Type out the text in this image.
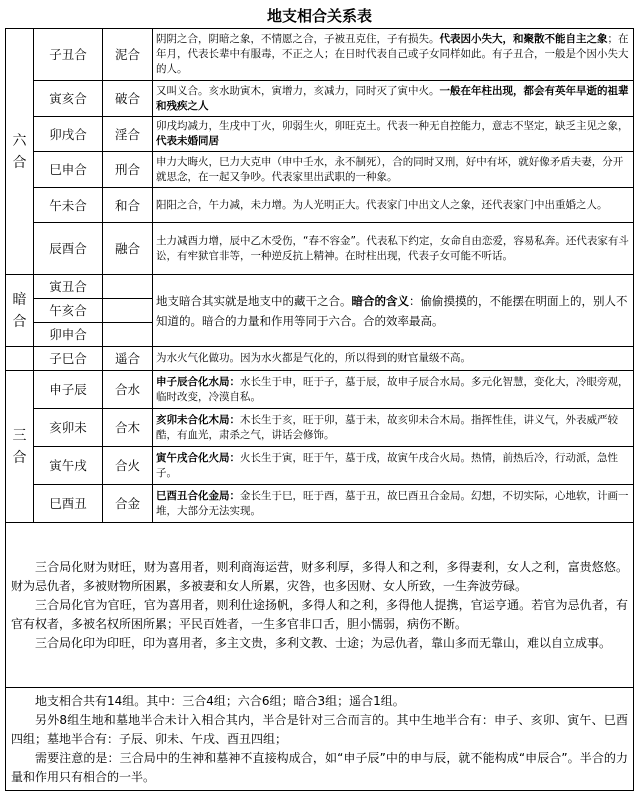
地支相合关系表
六
合	子丑合	泥合	阴阴之合，阴暗之象，不情愿之合，子被丑克住，子有损失。代表因小失大，和聚散不能自主之象；在年月，代表长辈中有服毒，不正之人；在日时代表自己或子女同样如此。有子丑合，一般是个因小失大的人。
	寅亥合	破合	又叫义合。亥水助寅木，寅增力，亥减力，同时灭了寅中火。一般在年柱出现，都会有英年早逝的祖辈和残疾之人
	卯戌合	淫合	卯戌均减力，生戌中丁火，卯弱生火，卯旺克土。代表一种无自控能力，意志不坚定，缺乏主见之象，代表未婚同居
	巳申合	刑合	申力大晦火，巳力大克申（申中壬水，永不制死），合的同时又刑，好中有坏，就好像矛盾夫妻，分开就思念，在一起又争吵。代表家里出武职的一种象。
	午未合	和合	阳阳之合，午力减，未力增。为人光明正大。代表家门中出文人之象，还代表家门中出重婚之人。
	辰酉合	融合	土力减酉力增，辰中乙木受伤，“春不容金”。代表私下约定，女命自由恋爱，容易私奔。还代表家有斗讼，有牢狱官非等，一种逆反抗上精神。在时柱出现，代表子女可能不听话。

暗
合	寅丑合		地支暗合其实就是地支中的藏干之合。暗合的含义：偷偷摸摸的，不能摆在明面上的，别人不知道的。暗合的力量和作用等同于六合。合的效率最高。
	午亥合		
	卯申合		
	子巳合	遥合	为水火气化做功。因为水火都是气化的，所以得到的财官量级不高。

三
合	申子辰	合水	申子辰合化水局：水长生于申，旺于子，墓于辰，故申子辰合水局。多元化智慧，变化大，冷眼旁观，临时改变，冷漠自私。
	亥卯未	合木	亥卯未合化木局：木长生于亥，旺于卯，墓于未，故亥卯未合木局。指挥性佳，讲义气，外表威严较酷，有血光，肃杀之气，讲话会修饰。
	寅午戌	合火	寅午戌合化火局：火长生于寅，旺于午，墓于戌，故寅午戌合火局。热情，前热后冷，行动派，急性子。
	巳酉丑	合金	巳酉丑合化金局：金长生于巳，旺于酉，墓于丑，故巳酉丑合金局。幻想，不切实际，心地软，计画一堆，大部分无法实现。

三合局化财为财旺，财为喜用者，则利商海运营，财多利厚，多得人和之利，多得妻利，女人之利，富贵悠悠。财为忌仇者，多被财物所困累，多被妻和女人所累，灾咎，也多因财、女人所致，一生奔波劳碌。

三合局化官为官旺，官为喜用者，则利仕途扬帆，多得人和之利，多得他人提携，官运亨通。若官为忌仇者，有官有权者，多被名权所困所累；平民百姓者，一生多官非口舌，胆小懦弱，病伤不断。

三合局化印为印旺，印为喜用者，多主文贵，多利文教、士途；为忌仇者，靠山多而无靠山，难以自立成事。			

地支相合共有14组。其中：三合4组；六合6组；暗合3组；遥合1组。

另外8组生地和墓地半合未计入相合其内，半合是针对三合而言的。其中生地半合有：申子、亥卯、寅午、巳酉四组；墓地半合有：子辰、卯未、午戌、酉丑四组；

需要注意的是：三合局中的生神和墓神不直接构成合，如“申子辰”中的申与辰，就不能构成“申辰合”。半合的力量和作用只有相合的一半。			
